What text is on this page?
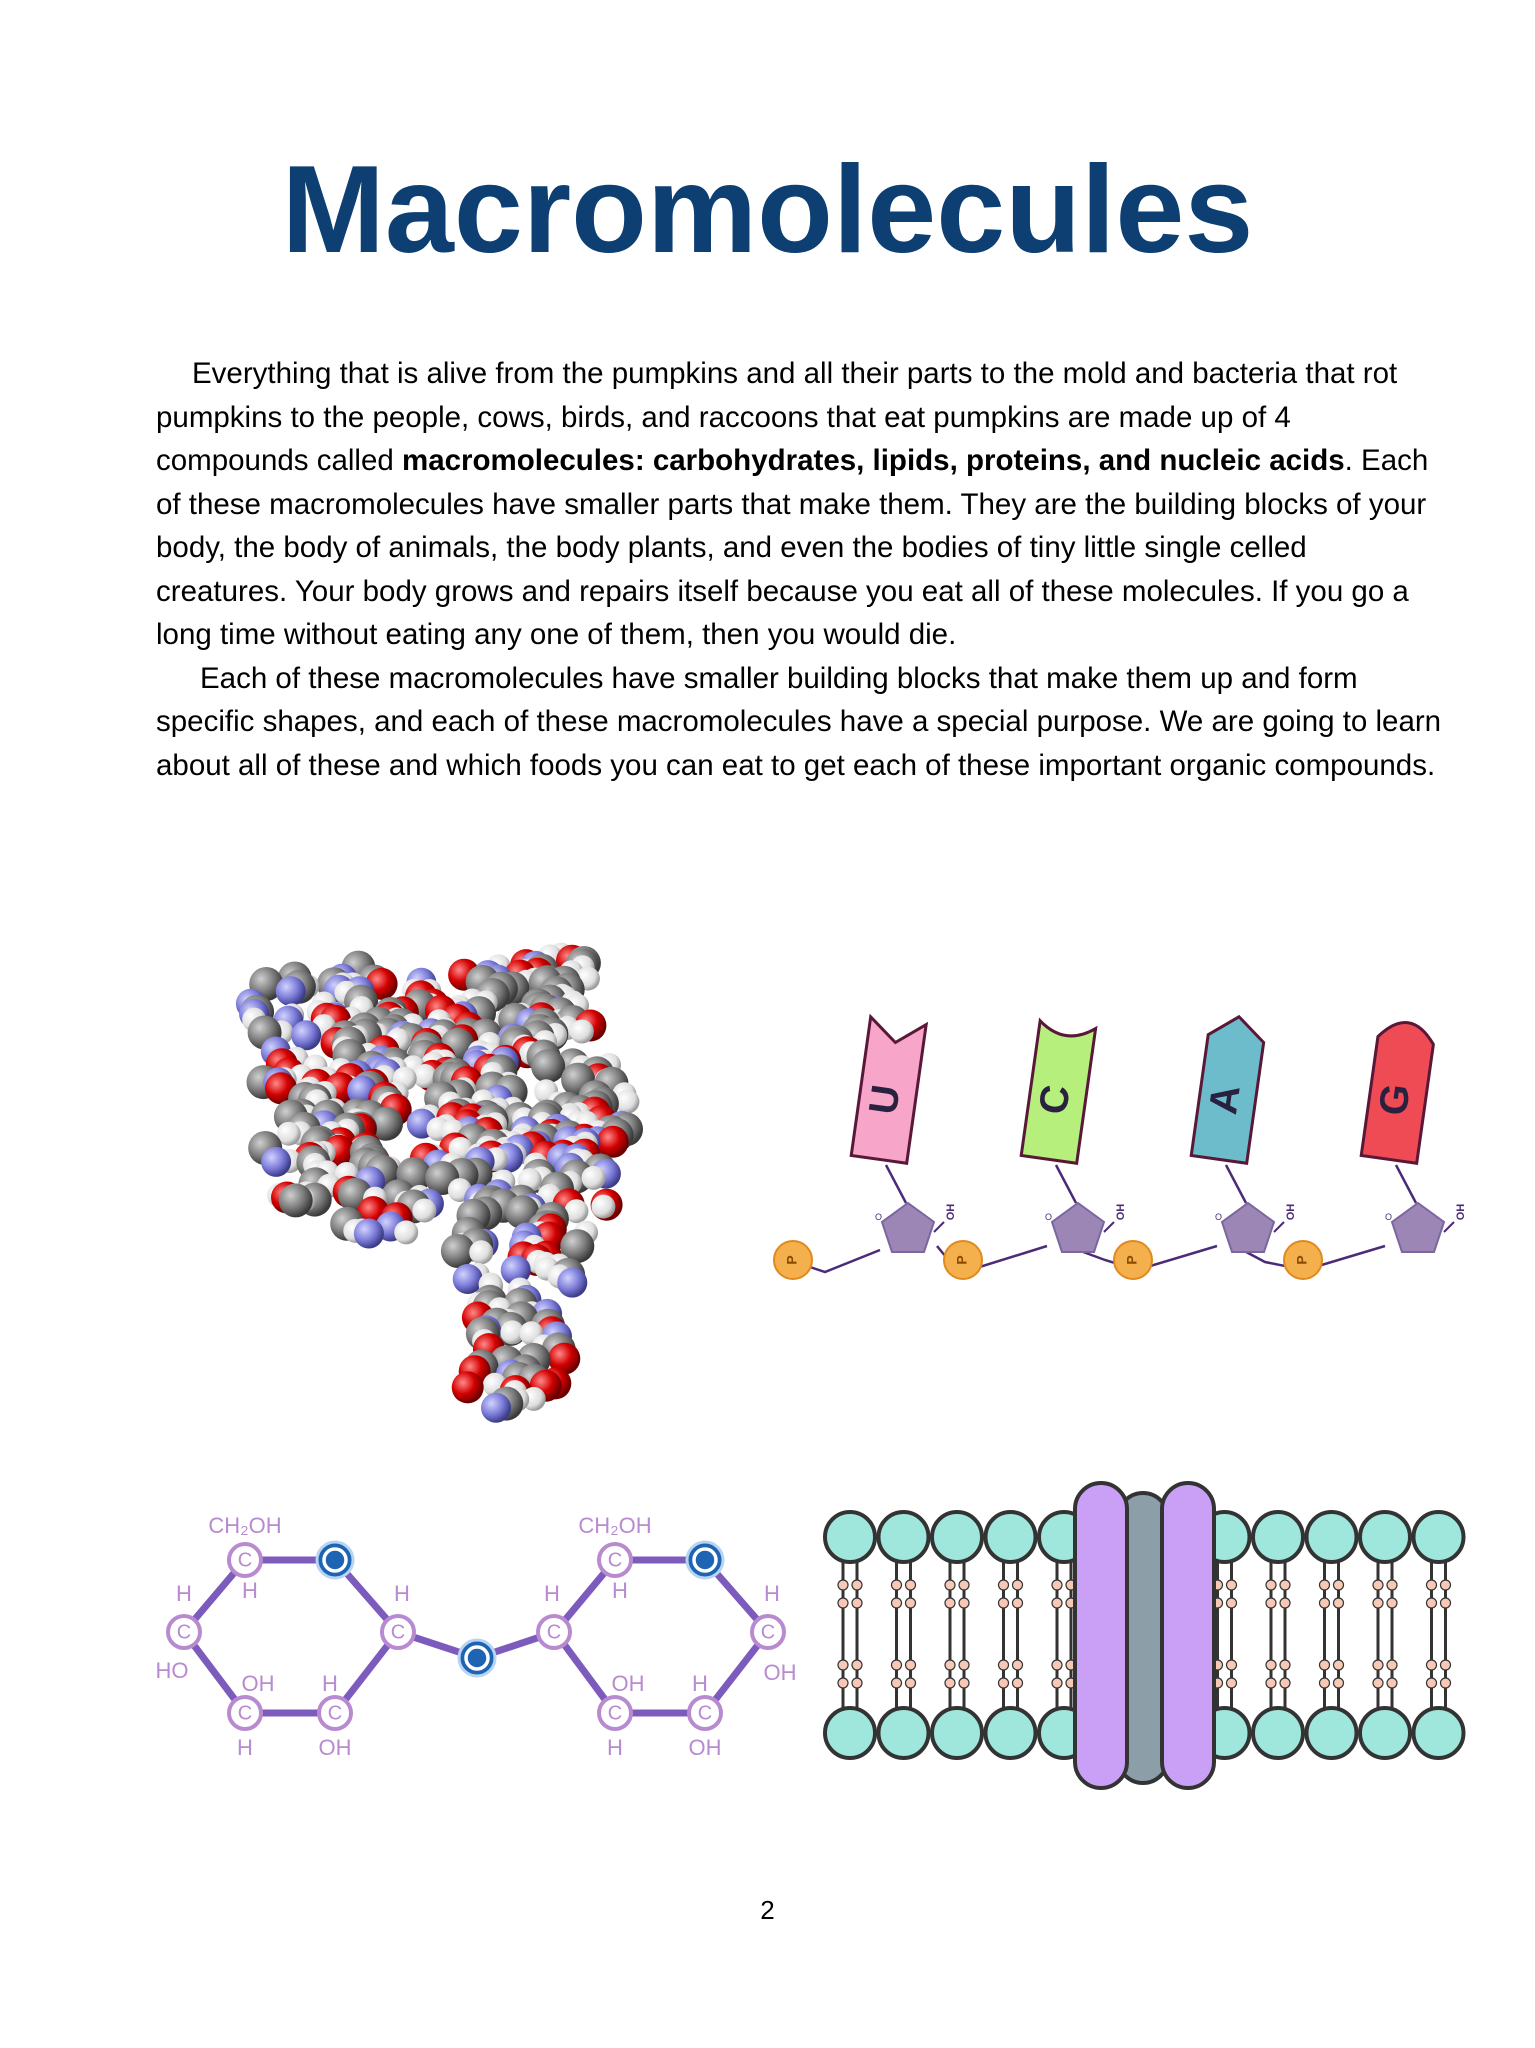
Macromolecules

Everything that is alive from the pumpkins and all their parts to the mold and bacteria that rot pumpkins to the people, cows, birds, and raccoons that eat pumpkins are made up of 4 compounds called macromolecules: carbohydrates, lipids, proteins, and nucleic acids. Each of these macromolecules have smaller parts that make them. They are the building blocks of your body, the body of animals, the body plants, and even the bodies of tiny little single celled creatures. Your body grows and repairs itself because you eat all of these molecules. If you go a long time without eating any one of them, then you would die.

Each of these macromolecules have smaller building blocks that make them up and form specific shapes, and each of these macromolecules have a special purpose. We are going to learn about all of these and which foods you can eat to get each of these important organic compounds.

P
O	OH
U
P
O	OH
C
P
O	OH
A
P
O	OH
G
C
C
C	C
CH₂OH
H
OH
H
H
OH
C
C
C	C
CH₂OH
H
OH
H
H
OH
C	C
H
HO
H	H	H
OH
2
